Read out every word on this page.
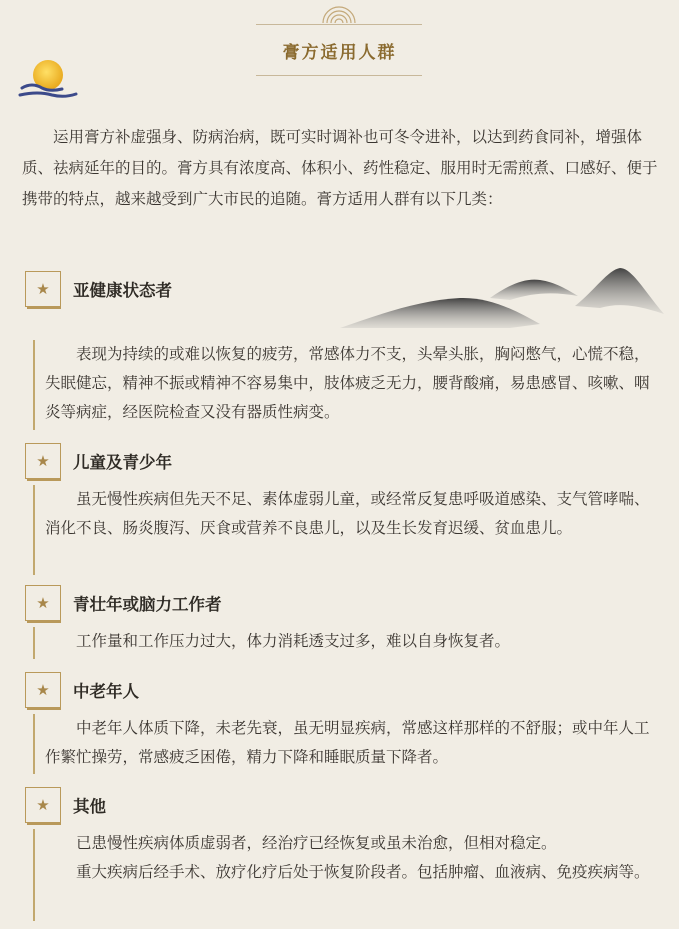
膏方适用人群
运用膏方补虚强身、防病治病，既可实时调补也可冬令进补，以达到药食同补，增强体质、祛病延年的目的。膏方具有浓度高、体积小、药性稳定、服用时无需煎煮、口感好、便于携带的特点，越来越受到广大市民的追随。膏方适用人群有以下几类：
★	亚健康状态者

表现为持续的或难以恢复的疲劳，常感体力不支，头晕头胀，胸闷憋气，心慌不稳，失眠健忘，精神不振或精神不容易集中，肢体疲乏无力，腰背酸痛，易患感冒、咳嗽、咽炎等病症，经医院检查又没有器质性病变。

★	儿童及青少年

虽无慢性疾病但先天不足、素体虚弱儿童，或经常反复患呼吸道感染、支气管哮喘、消化不良、肠炎腹泻、厌食或营养不良患儿，以及生长发育迟缓、贫血患儿。

★	青壮年或脑力工作者

工作量和工作压力过大，体力消耗透支过多，难以自身恢复者。

★	中老年人

中老年人体质下降，未老先衰，虽无明显疾病，常感这样那样的不舒服；或中年人工作繁忙操劳，常感疲乏困倦，精力下降和睡眠质量下降者。

★	其他

已患慢性疾病体质虚弱者，经治疗已经恢复或虽未治愈，但相对稳定。

重大疾病后经手术、放疗化疗后处于恢复阶段者。包括肿瘤、血液病、免疫疾病等。
